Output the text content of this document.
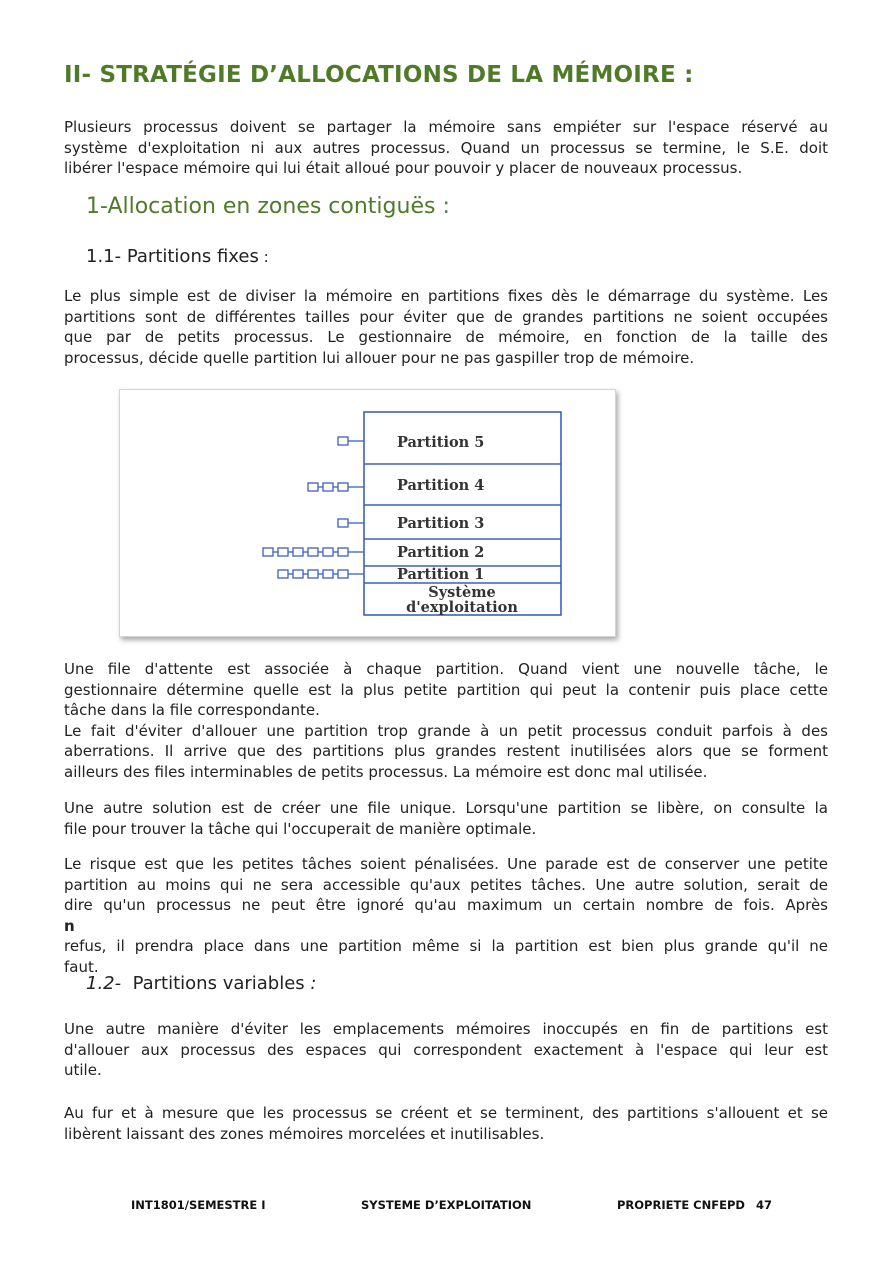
II- STRATÉGIE D’ALLOCATIONS DE LA MÉMOIRE :
Plusieurs processus doivent se partager la mémoire sans empiéter sur l'espace réservé au
système d'exploitation ni aux autres processus. Quand un processus se termine, le S.E. doit
libérer l'espace mémoire qui lui était alloué pour pouvoir y placer de nouveaux processus.
1-Allocation en zones contiguës :
1.1- Partitions fixes :
Le plus simple est de diviser la mémoire en partitions fixes dès le démarrage du système. Les
partitions sont de différentes tailles pour éviter que de grandes partitions ne soient occupées
que par de petits processus. Le gestionnaire de mémoire, en fonction de la taille des
processus, décide quelle partition lui allouer pour ne pas gaspiller trop de mémoire.
Partition 5
Partition 4
Partition 3
Partition 2
Partition 1
Système
d'exploitation
Une file d'attente est associée à chaque partition. Quand vient une nouvelle tâche, le
gestionnaire détermine quelle est la plus petite partition qui peut la contenir puis place cette
tâche dans la file correspondante.
Le fait d'éviter d'allouer une partition trop grande à un petit processus conduit parfois à des
aberrations. Il arrive que des partitions plus grandes restent inutilisées alors que se forment
ailleurs des files interminables de petits processus. La mémoire est donc mal utilisée.
Une autre solution est de créer une file unique. Lorsqu'une partition se libère, on consulte la
file pour trouver la tâche qui l'occuperait de manière optimale.
Le risque est que les petites tâches soient pénalisées. Une parade est de conserver une petite
partition au moins qui ne sera accessible qu'aux petites tâches. Une autre solution, serait de
dire qu'un processus ne peut être ignoré qu'au maximum un certain nombre de fois. Après
n
refus, il prendra place dans une partition même si la partition est bien plus grande qu'il ne
faut.
1.2- Partitions variables :
Une autre manière d'éviter les emplacements mémoires inoccupés en fin de partitions est
d'allouer aux processus des espaces qui correspondent exactement à l'espace qui leur est
utile.
Au fur et à mesure que les processus se créent et se terminent, des partitions s'allouent et se
libèrent laissant des zones mémoires morcelées et inutilisables.
INT1801/SEMESTRE I	SYSTEME D’EXPLOITATION	PROPRIETE CNFEPD 47
